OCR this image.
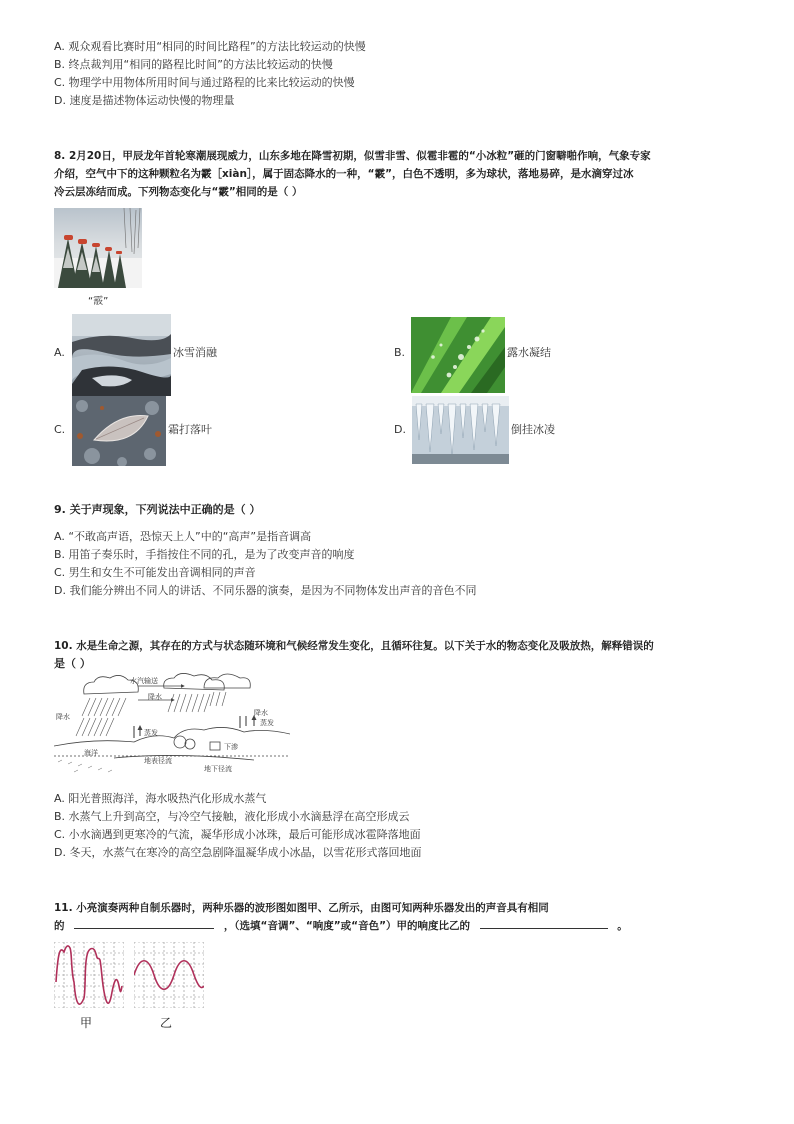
A. 观众观看比赛时用“相同的时间比路程”的方法比较运动的快慢
B. 终点裁判用“相同的路程比时间”的方法比较运动的快慢
C. 物理学中用物体所用时间与通过路程的比来比较运动的快慢
D. 速度是描述物体运动快慢的物理量
8. 2月20日，甲辰龙年首轮寒潮展现威力，山东多地在降雪初期，似雪非雪、似雹非雹的“小冰粒”砸的门窗噼啪作响，气象专家
介绍，空气中下的这种颗粒名为霰［xiàn］，属于固态降水的一种，“霰”，白色不透明，多为球状，落地易碎，是水滴穿过冰
冷云层冻结而成。下列物态变化与“霰”相同的是（ ）
“霰”
A.	冰雪消融	B.	露水凝结
C.	霜打落叶	D.	倒挂冰凌
9. 关于声现象，下列说法中正确的是（ ）
A. “不敢高声语，恐惊天上人”中的“高声”是指音调高
B. 用笛子奏乐时，手指按住不同的孔，是为了改变声音的响度
C. 男生和女生不可能发出音调相同的声音
D. 我们能分辨出不同人的讲话、不同乐器的演奏，是因为不同物体发出声音的音色不同
10. 水是生命之源，其存在的方式与状态随环境和气候经常发生变化，且循环往复。以下关于水的物态变化及吸放热，解释错误的
是（ ）
水汽输送
降水
降水	降水
蒸发
蒸发
地表径流
海洋
下渗
地下径流
A. 阳光普照海洋，海水吸热汽化形成水蒸气
B. 水蒸气上升到高空，与冷空气接触，液化形成小水滴悬浮在高空形成云
C. 小水滴遇到更寒冷的气流，凝华形成小冰珠，最后可能形成冰雹降落地面
D. 冬天，水蒸气在寒冷的高空急剧降温凝华成小冰晶，以雪花形式落回地面
11. 小亮演奏两种自制乐器时，两种乐器的波形图如图甲、乙所示，由图可知两种乐器发出的声音具有相同
的	，（选填“音调”、“响度”或“音色”）甲的响度比乙的	。
甲	乙
